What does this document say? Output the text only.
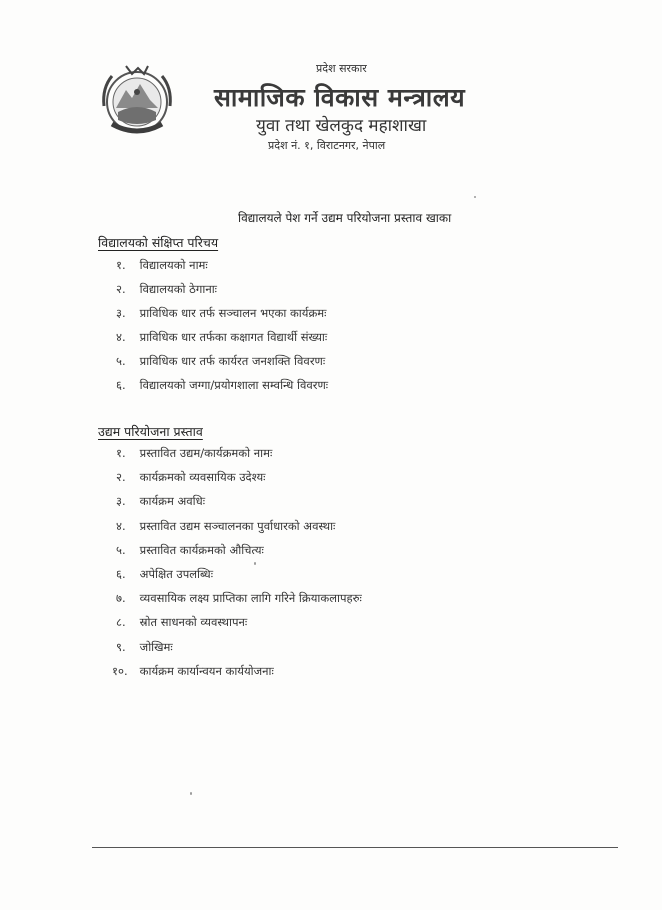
प्रदेश सरकार
सामाजिक विकास मन्त्रालय
युवा तथा खेलकुद महाशाखा
प्रदेश नं. १, विराटनगर, नेपाल
विद्यालयले पेश गर्ने उद्यम परियोजना प्रस्ताव खाका
विद्यालयको संक्षिप्त परिचय
१. विद्यालयको नामः
२. विद्यालयको ठेगानाः
३. प्राविधिक धार तर्फ सञ्चालन भएका कार्यक्रमः
४. प्राविधिक धार तर्फका कक्षागत विद्यार्थी संख्याः
५. प्राविधिक धार तर्फ कार्यरत जनशक्ति विवरणः
६. विद्यालयको जग्गा/प्रयोगशाला सम्वन्धि विवरणः
उद्यम परियोजना प्रस्ताव
१. प्रस्तावित उद्यम/कार्यक्रमको नामः
२. कार्यक्रमको व्यवसायिक उदेश्यः
३. कार्यक्रम अवधिः
४. प्रस्तावित उद्यम सञ्चालनका पुर्वाधारको अवस्थाः
५. प्रस्तावित कार्यक्रमको औचित्यः
६. अपेक्षित उपलब्धिः
७. व्यवसायिक लक्ष्य प्राप्तिका लागि गरिने क्रियाकलापहरुः
८. स्रोत साधनको व्यवस्थापनः
९. जोखिमः
१०. कार्यक्रम कार्यान्वयन कार्ययोजनाः
